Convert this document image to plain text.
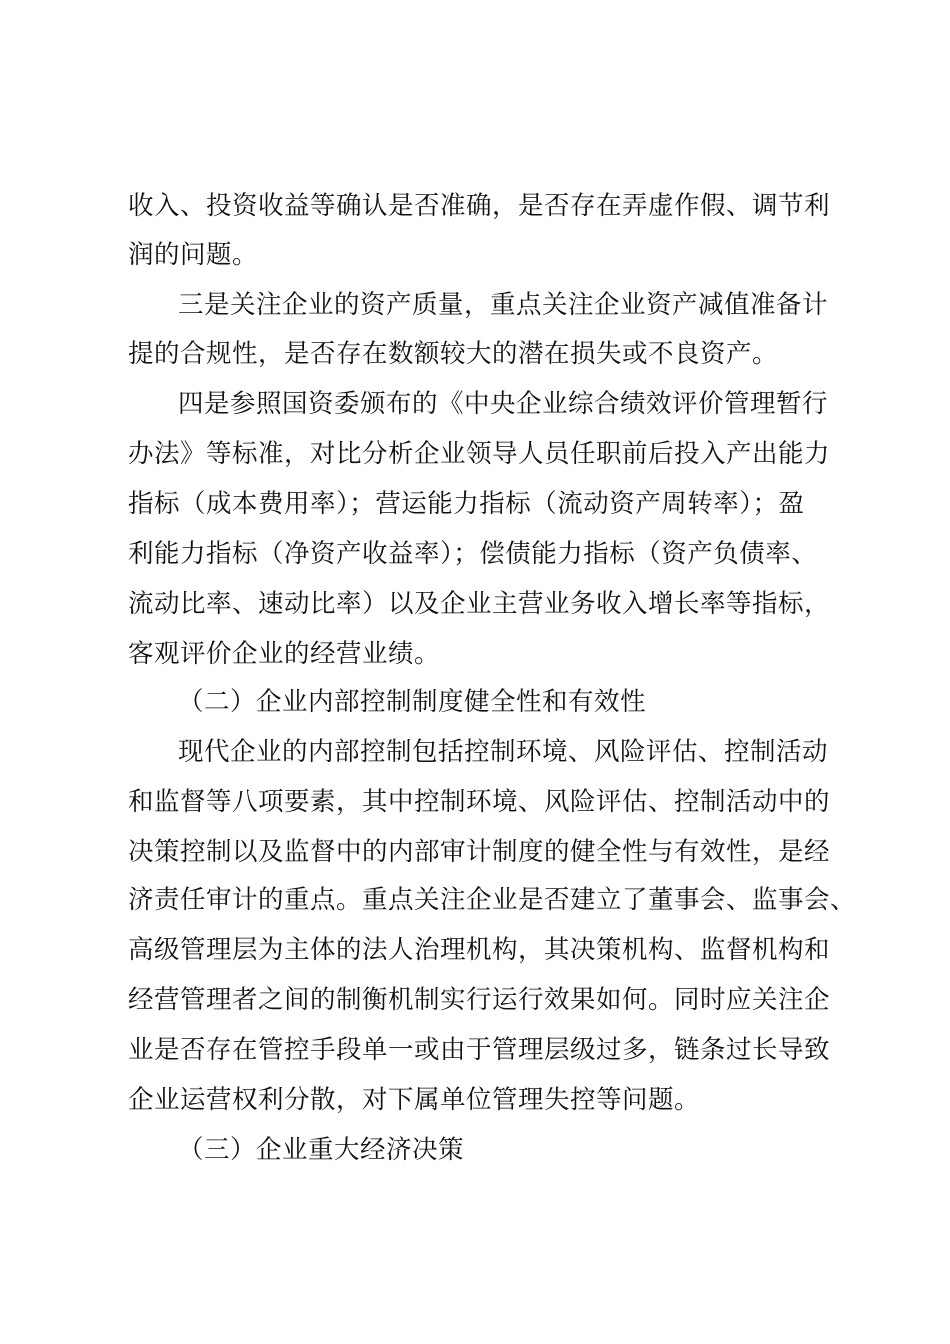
收入、投资收益等确认是否准确，是否存在弄虚作假、调节利
润的问题。
三是关注企业的资产质量，重点关注企业资产减值准备计
提的合规性，是否存在数额较大的潜在损失或不良资产。
四是参照国资委颁布的《中央企业综合绩效评价管理暂行
办法》等标准，对比分析企业领导人员任职前后投入产出能力
指标（成本费用率）；营运能力指标（流动资产周转率）；盈
利能力指标（净资产收益率）；偿债能力指标（资产负债率、
流动比率、速动比率）以及企业主营业务收入增长率等指标，
客观评价企业的经营业绩。
（二）企业内部控制制度健全性和有效性
现代企业的内部控制包括控制环境、风险评估、控制活动
和监督等八项要素，其中控制环境、风险评估、控制活动中的
决策控制以及监督中的内部审计制度的健全性与有效性，是经
济责任审计的重点。重点关注企业是否建立了董事会、监事会、
高级管理层为主体的法人治理机构，其决策机构、监督机构和
经营管理者之间的制衡机制实行运行效果如何。同时应关注企
业是否存在管控手段单一或由于管理层级过多，链条过长导致
企业运营权利分散，对下属单位管理失控等问题。
（三）企业重大经济决策
